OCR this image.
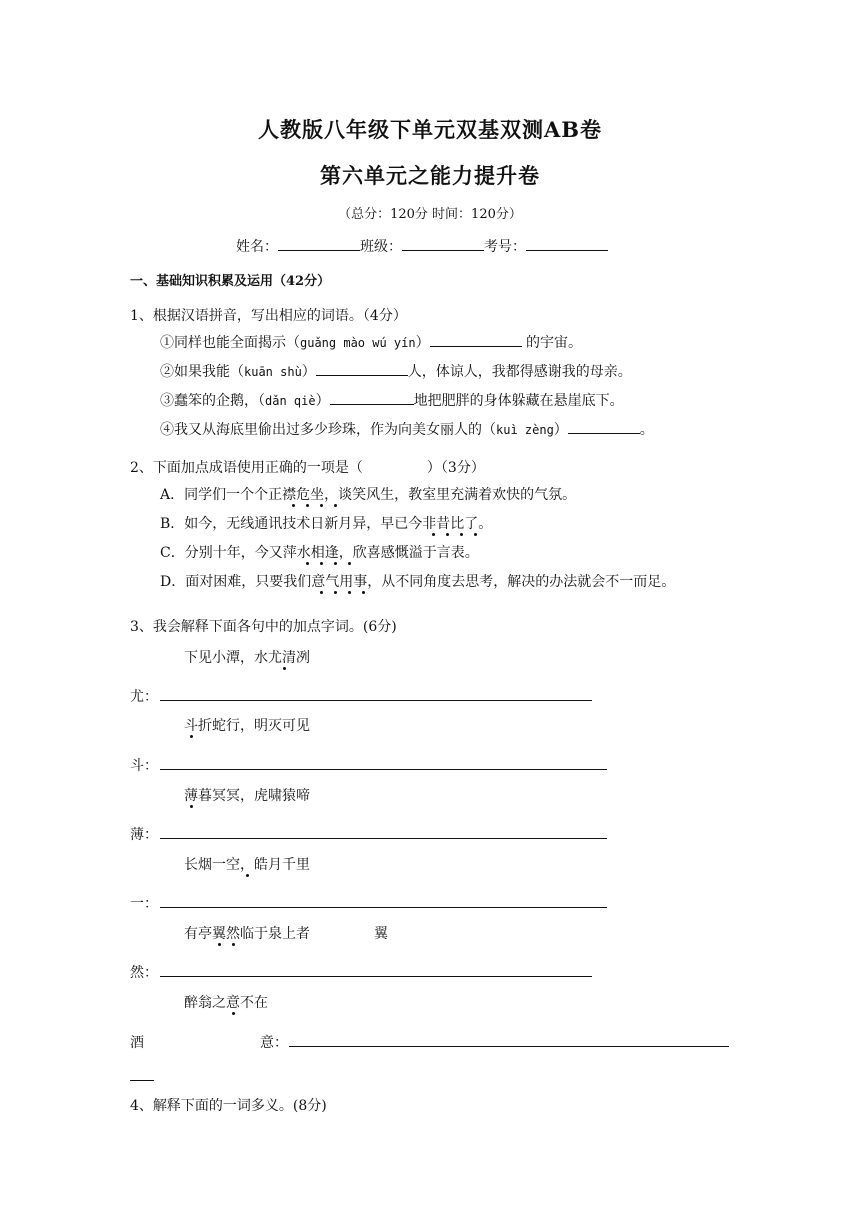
人教版八年级下单元双基双测AB卷
第六单元之能力提升卷
（总分：120分 时间：120分）
姓名：	班级：	考号：
一、基础知识积累及运用（42分）
1、根据汉语拼音，写出相应的词语。（4分）
①同样也能全面揭示（guǎng mào wú yín）	的宇宙。
②如果我能（kuān shù）	人，体谅人，我都得感谢我的母亲。
③蠢笨的企鹅，（dǎn qiè）	地把肥胖的身体躲藏在悬崖底下。
④我又从海底里偷出过多少珍珠，作为向美女丽人的（kuì zèng）	。
2、下面加点成语使用正确的一项是（	）（3分）
A．同学们一个个正襟危坐，谈笑风生，教室里充满着欢快的气氛。
B．如今，无线通讯技术日新月异，早已今非昔比了。
C．分别十年，今又萍水相逢，欣喜感慨溢于言表。
D．面对困难，只要我们意气用事，从不同角度去思考，解决的办法就会不一而足。
3、我会解释下面各句中的加点字词。(6分)
下见小潭，水尤清冽
尤：
斗折蛇行，明灭可见
斗：
薄暮冥冥，虎啸猿啼
薄：
长烟一空，皓月千里
一：
有亭翼然临于泉上者	翼
然：
醉翁之意不在
酒	意：
4、解释下面的一词多义。(8分)
